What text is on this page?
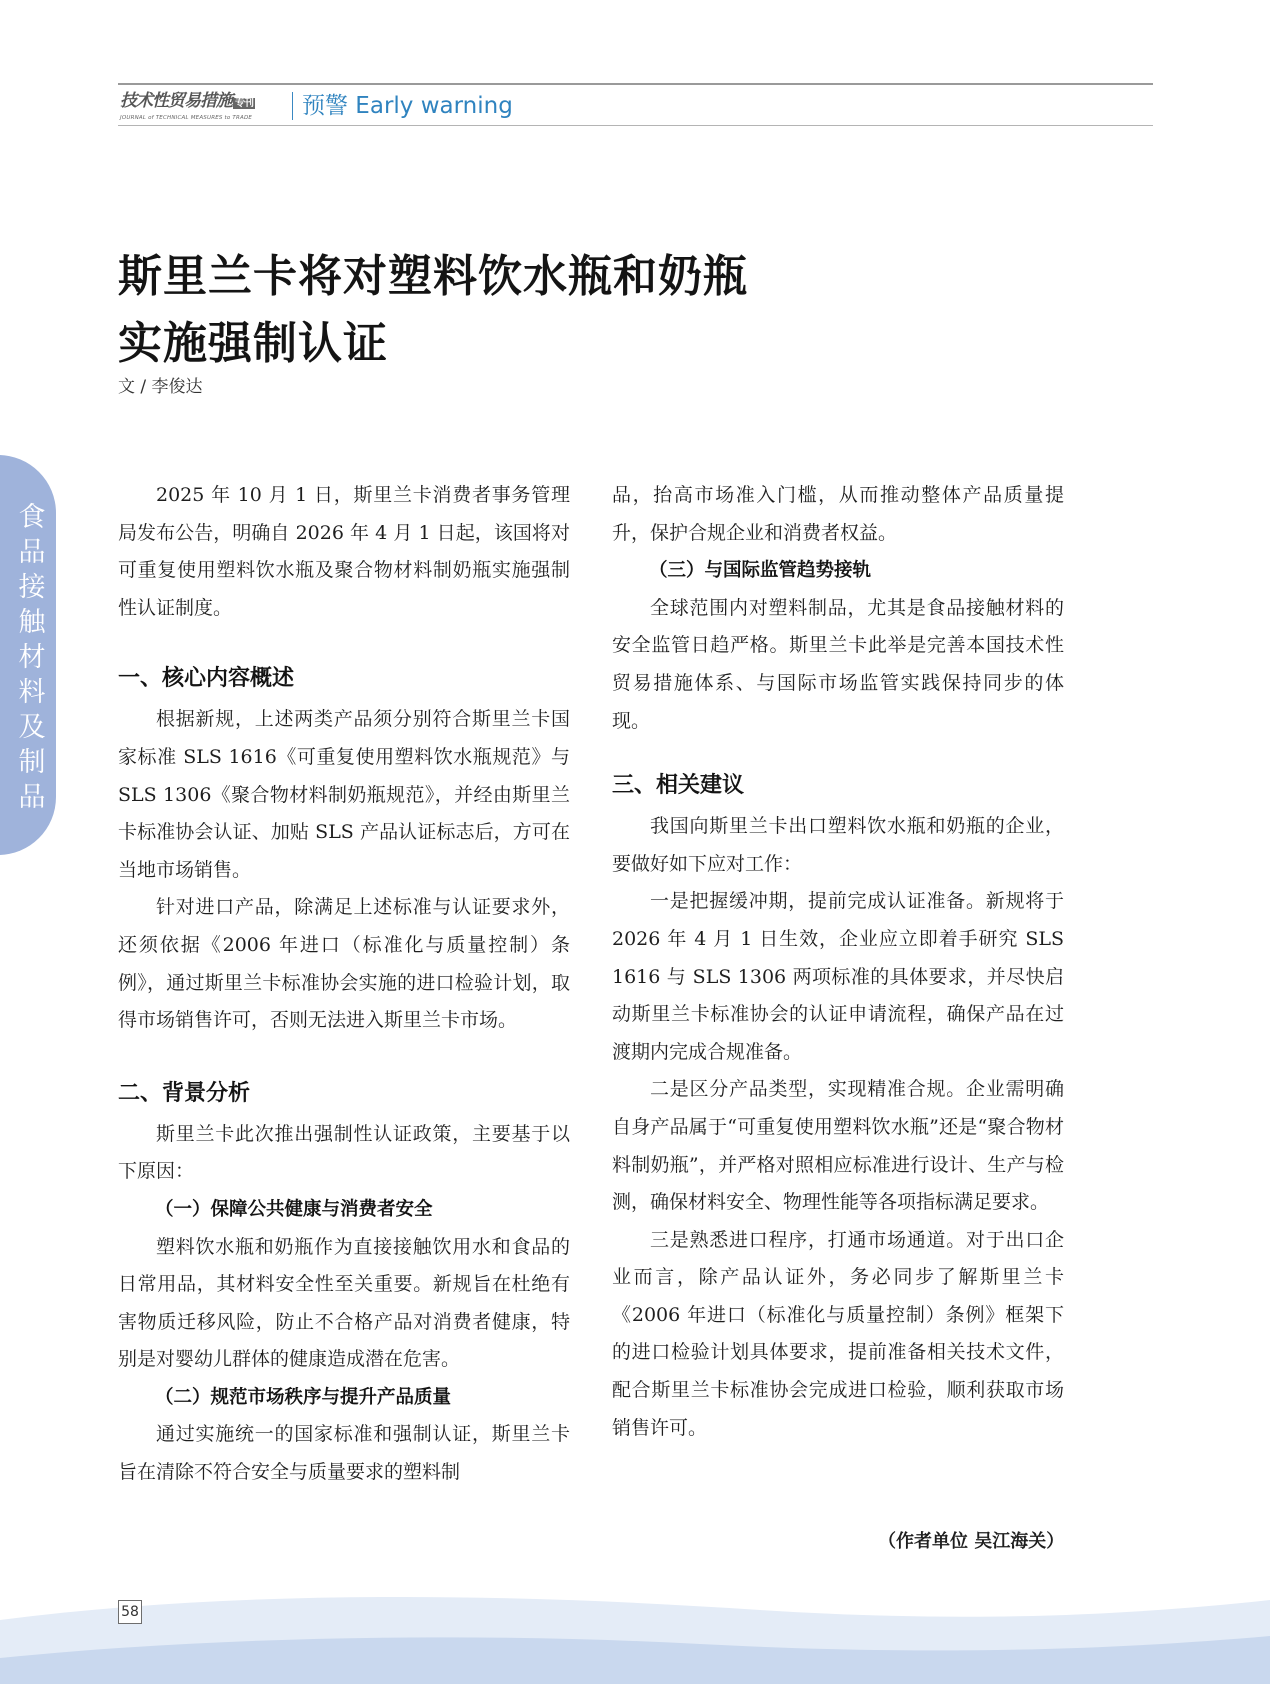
技术性贸易措施 专刊
JOURNAL of TECHNICAL MEASURES to TRADE	预警 Early warning
斯里兰卡将对塑料饮水瓶和奶瓶
实施强制认证
文 / 李俊达
食
品
接
触
材
料
及
制
品

2025 年 10 月 1 日，斯里兰卡消费者事务管理局发布公告，明确自 2026 年 4 月 1 日起，该国将对可重复使用塑料饮水瓶及聚合物材料制奶瓶实施强制性认证制度。

一、核心内容概述

根据新规，上述两类产品须分别符合斯里兰卡国家标准 SLS 1616《可重复使用塑料饮水瓶规范》与 SLS 1306《聚合物材料制奶瓶规范》，并经由斯里兰卡标准协会认证、加贴 SLS 产品认证标志后，方可在当地市场销售。

针对进口产品，除满足上述标准与认证要求外，还须依据《2006 年进口（标准化与质量控制）条例》，通过斯里兰卡标准协会实施的进口检验计划，取得市场销售许可，否则无法进入斯里兰卡市场。

二、背景分析

斯里兰卡此次推出强制性认证政策，主要基于以下原因：

（一）保障公共健康与消费者安全

塑料饮水瓶和奶瓶作为直接接触饮用水和食品的日常用品，其材料安全性至关重要。新规旨在杜绝有害物质迁移风险，防止不合格产品对消费者健康，特别是对婴幼儿群体的健康造成潜在危害。

（二）规范市场秩序与提升产品质量

通过实施统一的国家标准和强制认证，斯里兰卡旨在清除不符合安全与质量要求的塑料制

品，抬高市场准入门槛，从而推动整体产品质量提升，保护合规企业和消费者权益。

（三）与国际监管趋势接轨

全球范围内对塑料制品，尤其是食品接触材料的安全监管日趋严格。斯里兰卡此举是完善本国技术性贸易措施体系、与国际市场监管实践保持同步的体现。

三、相关建议

我国向斯里兰卡出口塑料饮水瓶和奶瓶的企业，要做好如下应对工作：

一是把握缓冲期，提前完成认证准备。新规将于 2026 年 4 月 1 日生效，企业应立即着手研究 SLS 1616 与 SLS 1306 两项标准的具体要求，并尽快启动斯里兰卡标准协会的认证申请流程，确保产品在过渡期内完成合规准备。

二是区分产品类型，实现精准合规。企业需明确自身产品属于“可重复使用塑料饮水瓶”还是“聚合物材料制奶瓶”，并严格对照相应标准进行设计、生产与检测，确保材料安全、物理性能等各项指标满足要求。

三是熟悉进口程序，打通市场通道。对于出口企业而言，除产品认证外，务必同步了解斯里兰卡《2006 年进口（标准化与质量控制）条例》框架下的进口检验计划具体要求，提前准备相关技术文件，配合斯里兰卡标准协会完成进口检验，顺利获取市场销售许可。

（作者单位 吴江海关）
58
